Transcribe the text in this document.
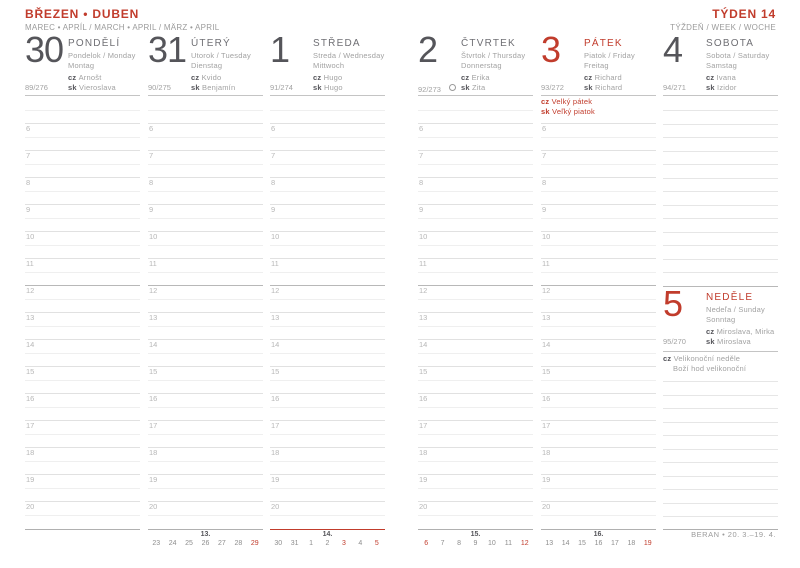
BŘEZEN • DUBEN
MAREC • APRÍL / MARCH • APRIL / MÄRZ • APRIL
TÝDEN 14
TÝŽDEŇ / WEEK / WOCHE
BERAN • 20. 3.–19. 4.
30 PONDĚLÍ
Pondelok / Monday
Montag
cz Arnošt
sk Vieroslava
89/276
6
7
8
9
10
11
12
13
14
15
16
17
18
19
20
31 ÚTERÝ
Utorok / Tuesday
Dienstag
cz Kvido
sk Benjamín
90/275
6
7
8
9
10
11
12
13
14
15
16
17
18
19
20
1 STŘEDA
Streda / Wednesday
Mittwoch
cz Hugo
sk Hugo
91/274
6
7
8
9
10
11
12
13
14
15
16
17
18
19
20
2 ČTVRTEK
Štvrtok / Thursday
Donnerstag
cz Erika
sk Zita
92/273
6
7
8
9
10
11
12
13
14
15
16
17
18
19
20
3 PÁTEK
Piatok / Friday
Freitag
cz Richard
sk Richard
93/272
cz Velký pátek
sk Veľký piatok
6
7
8
9
10
11
12
13
14
15
16
17
18
19
20
4 SOBOTA
Sobota / Saturday
Samstag
cz Ivana
sk Izidor
94/271
5 NEDĚLE
Nedeľa / Sunday
Sonntag
cz Miroslava, Mirka
sk Miroslava
95/270
cz Velikonoční neděle
Boží hod velikonoční
13.
23	24	25	26	27	28	29
14.
30	31	1	2	3	4	5
15.
6	7	8	9	10	11	12
16.
13	14	15	16	17	18	19
